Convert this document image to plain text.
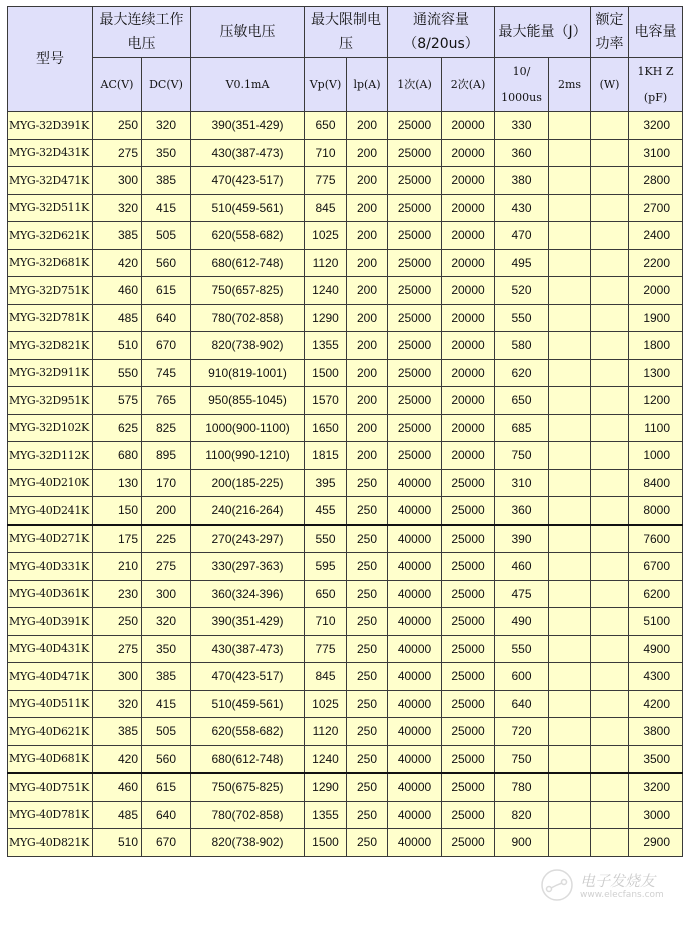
型号	最大连续工作电压		压敏电压	最大限制电压		通流容量（8/20us）		最大能量（J）		额定功率	电容量
	AC(V)	DC(V)	V0.1mA	Vp(V)	lp(A)	1次(A)	2次(A)	10/ 1000us	2ms	(W)	1KH Z (pF)
MYG-32D391K	250	320	390(351-429)	650	200	25000	20000	330			3200
MYG-32D431K	275	350	430(387-473)	710	200	25000	20000	360			3100
MYG-32D471K	300	385	470(423-517)	775	200	25000	20000	380			2800
MYG-32D511K	320	415	510(459-561)	845	200	25000	20000	430			2700
MYG-32D621K	385	505	620(558-682)	1025	200	25000	20000	470			2400
MYG-32D681K	420	560	680(612-748)	1120	200	25000	20000	495			2200
MYG-32D751K	460	615	750(657-825)	1240	200	25000	20000	520			2000
MYG-32D781K	485	640	780(702-858)	1290	200	25000	20000	550			1900
MYG-32D821K	510	670	820(738-902)	1355	200	25000	20000	580			1800
MYG-32D911K	550	745	910(819-1001)	1500	200	25000	20000	620			1300
MYG-32D951K	575	765	950(855-1045)	1570	200	25000	20000	650			1200
MYG-32D102K	625	825	1000(900-1100)	1650	200	25000	20000	685			1100
MYG-32D112K	680	895	1100(990-1210)	1815	200	25000	20000	750			1000
MYG-40D210K	130	170	200(185-225)	395	250	40000	25000	310			8400
MYG-40D241K	150	200	240(216-264)	455	250	40000	25000	360			8000
MYG-40D271K	175	225	270(243-297)	550	250	40000	25000	390			7600
MYG-40D331K	210	275	330(297-363)	595	250	40000	25000	460			6700
MYG-40D361K	230	300	360(324-396)	650	250	40000	25000	475			6200
MYG-40D391K	250	320	390(351-429)	710	250	40000	25000	490			5100
MYG-40D431K	275	350	430(387-473)	775	250	40000	25000	550			4900
MYG-40D471K	300	385	470(423-517)	845	250	40000	25000	600			4300
MYG-40D511K	320	415	510(459-561)	1025	250	40000	25000	640			4200
MYG-40D621K	385	505	620(558-682)	1120	250	40000	25000	720			3800
MYG-40D681K	420	560	680(612-748)	1240	250	40000	25000	750			3500
MYG-40D751K	460	615	750(675-825)	1290	250	40000	25000	780			3200
MYG-40D781K	485	640	780(702-858)	1355	250	40000	25000	820			3000
MYG-40D821K	510	670	820(738-902)	1500	250	40000	25000	900			2900
电子发烧友
www.elecfans.com
